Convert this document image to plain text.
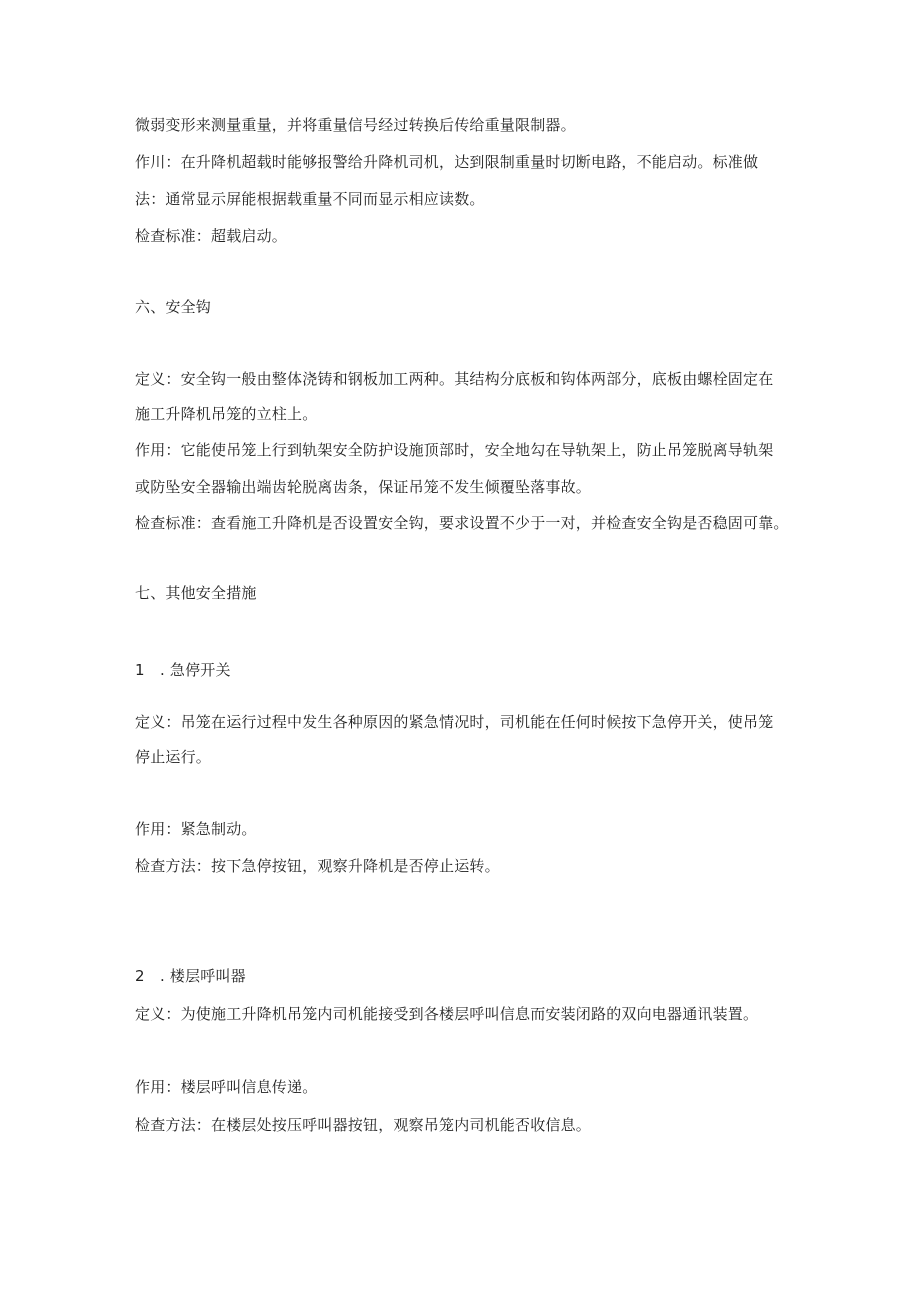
微弱变形来测量重量，并将重量信号经过转换后传给重量限制器。
作川：在升降机超载时能够报警给升降机司机，达到限制重量时切断电路，不能启动。标准做
法：通常显示屏能根据载重量不同而显示相应读数。
检查标准：超载启动。
六、安全钩
定义：安全钩一般由整体浇铸和钢板加工两种。其结构分底板和钩体两部分，底板由螺栓固定在
施工升降机吊笼的立柱上。
作用：它能使吊笼上行到轨架安全防护设施顶部时，安全地勾在导轨架上，防止吊笼脱离导轨架
或防坠安全器输出端齿轮脱离齿条，保证吊笼不发生倾覆坠落事故。
检查标准：查看施工升降机是否设置安全钩，要求设置不少于一对，并检查安全钩是否稳固可靠。
七、其他安全措施
1　. 急停开关
定义：吊笼在运行过程中发生各种原因的紧急情况时，司机能在任何时候按下急停开关，使吊笼
停止运行。
作用：紧急制动。
检查方法：按下急停按钮，观察升降机是否停止运转。
2　. 楼层呼叫器
定义：为使施工升降机吊笼内司机能接受到各楼层呼叫信息而安装闭路的双向电器通讯装置。
作用：楼层呼叫信息传递。
检查方法：在楼层处按压呼叫器按钮，观察吊笼内司机能否收信息。
